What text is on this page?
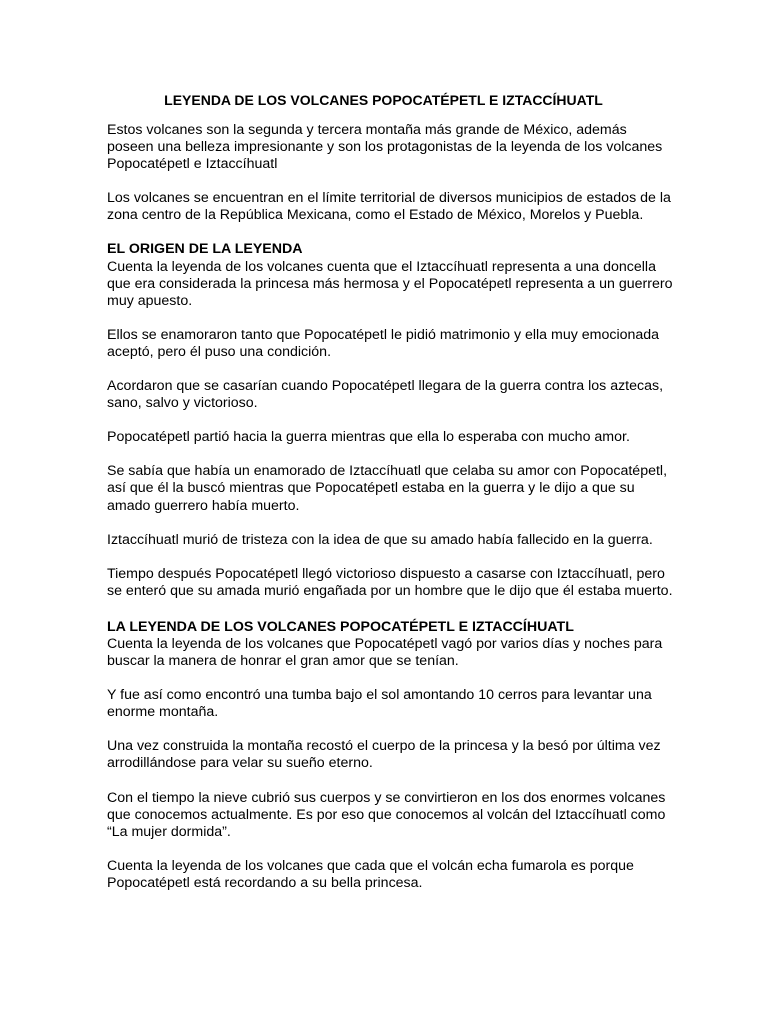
LEYENDA DE LOS VOLCANES POPOCATÉPETL E IZTACCÍHUATL

Estos volcanes son la segunda y tercera montaña más grande de México, además
poseen una belleza impresionante y son los protagonistas de la leyenda de los volcanes
Popocatépetl e Iztaccíhuatl

Los volcanes se encuentran en el límite territorial de diversos municipios de estados de la
zona centro de la República Mexicana, como el Estado de México, Morelos y Puebla.

EL ORIGEN DE LA LEYENDA

Cuenta la leyenda de los volcanes cuenta que el Iztaccíhuatl representa a una doncella
que era considerada la princesa más hermosa y el Popocatépetl representa a un guerrero
muy apuesto.

Ellos se enamoraron tanto que Popocatépetl le pidió matrimonio y ella muy emocionada
aceptó, pero él puso una condición.

Acordaron que se casarían cuando Popocatépetl llegara de la guerra contra los aztecas,
sano, salvo y victorioso.

Popocatépetl partió hacia la guerra mientras que ella lo esperaba con mucho amor.

Se sabía que había un enamorado de Iztaccíhuatl que celaba su amor con Popocatépetl,
así que él la buscó mientras que Popocatépetl estaba en la guerra y le dijo a que su
amado guerrero había muerto.

Iztaccíhuatl murió de tristeza con la idea de que su amado había fallecido en la guerra.

Tiempo después Popocatépetl llegó victorioso dispuesto a casarse con Iztaccíhuatl, pero
se enteró que su amada murió engañada por un hombre que le dijo que él estaba muerto.

LA LEYENDA DE LOS VOLCANES POPOCATÉPETL E IZTACCÍHUATL

Cuenta la leyenda de los volcanes que Popocatépetl vagó por varios días y noches para
buscar la manera de honrar el gran amor que se tenían.

Y fue así como encontró una tumba bajo el sol amontando 10 cerros para levantar una
enorme montaña.

Una vez construida la montaña recostó el cuerpo de la princesa y la besó por última vez
arrodillándose para velar su sueño eterno.

Con el tiempo la nieve cubrió sus cuerpos y se convirtieron en los dos enormes volcanes
que conocemos actualmente. Es por eso que conocemos al volcán del Iztaccíhuatl como
“La mujer dormida”.

Cuenta la leyenda de los volcanes que cada que el volcán echa fumarola es porque
Popocatépetl está recordando a su bella princesa.
